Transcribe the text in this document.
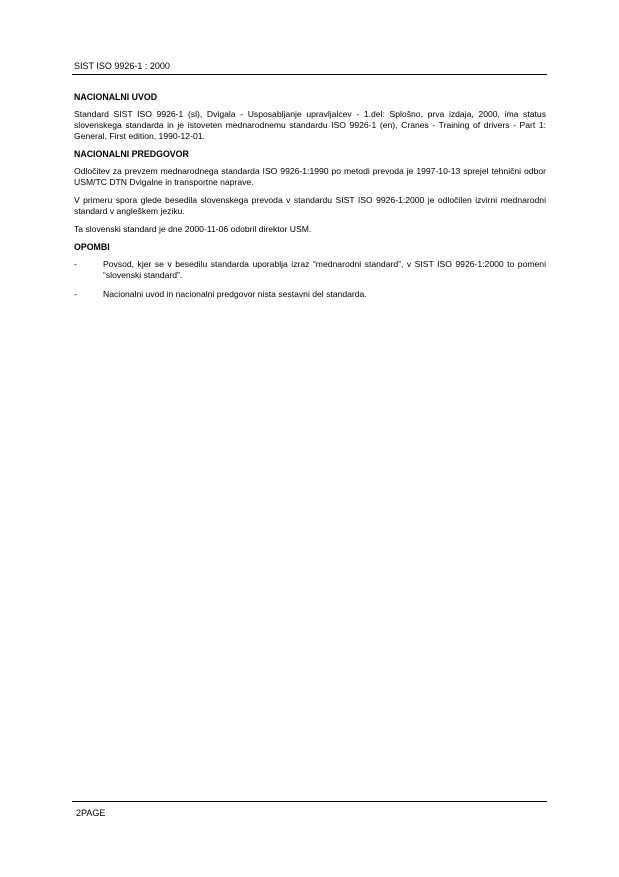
SIST ISO 9926-1 : 2000
NACIONALNI UVOD
Standard SIST ISO 9926-1 (sl), Dvigala - Usposabljanje upravljalcev - 1.del: Splošno, prva izdaja, 2000, ima status slovenskega standarda in je istoveten mednarodnemu standardu ISO 9926-1 (en), Cranes - Training of drivers - Part 1: General, First edition, 1990-12-01.
NACIONALNI PREDGOVOR
Odločitev za prevzem mednarodnega standarda ISO 9926-1:1990 po metodi prevoda je 1997-10-13 sprejel tehnični odbor USM/TC DTN Dvigalne in transportne naprave.
V primeru spora glede besedila slovenskega prevoda v standardu SIST ISO 9926-1:2000 je odločilen izvirni mednarodni standard v angleškem jeziku.
Ta slovenski standard je dne 2000-11-06 odobril direktor USM.
OPOMBI
-	Povsod, kjer se v besedilu standarda uporablja izraz “mednarodni standard”, v SIST ISO 9926-1:2000 to pomeni “slovenski standard”.
-	Nacionalni uvod in nacionalni predgovor nista sestavni del standarda.
2PAGE
